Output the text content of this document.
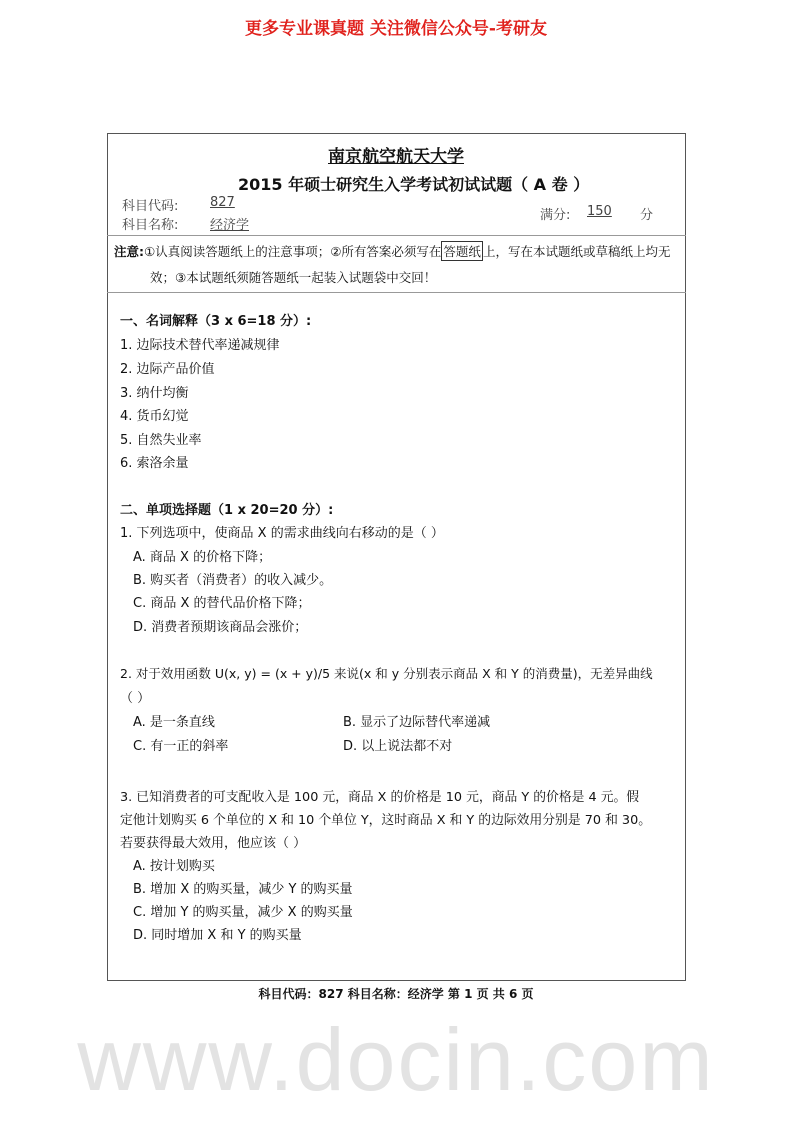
更多专业课真题 关注微信公众号-考研友
南京航空航天大学
2015 年硕士研究生入学考试初试试题（ A 卷 ）
科目代码: 827
科目名称: 经济学
满分: 150 分
注意:①认真阅读答题纸上的注意事项；②所有答案必须写在 答题纸 上，写在本试题纸或草稿纸上均无
效；③本试题纸须随答题纸一起装入试题袋中交回！
一、名词解释（3 x 6=18 分）:
1. 边际技术替代率递减规律
2. 边际产品价值
3. 纳什均衡
4. 货币幻觉
5. 自然失业率
6. 索洛余量
二、单项选择题（1 x 20=20 分）:
1. 下列选项中，使商品 X 的需求曲线向右移动的是（ ）
A. 商品 X 的价格下降；
B. 购买者（消费者）的收入减少。
C. 商品 X 的替代品价格下降；
D. 消费者预期该商品会涨价；
2. 对于效用函数 U(x, y) = (x + y)/5 来说(x 和 y 分别表示商品 X 和 Y 的消费量)，无差异曲线
（ ）
A. 是一条直线	B. 显示了边际替代率递减
C. 有一正的斜率	D. 以上说法都不对
3. 已知消费者的可支配收入是 100 元，商品 X 的价格是 10 元，商品 Y 的价格是 4 元。假
定他计划购买 6 个单位的 X 和 10 个单位 Y，这时商品 X 和 Y 的边际效用分别是 70 和 30。
若要获得最大效用，他应该（ ）
A. 按计划购买
B. 增加 X 的购买量，减少 Y 的购买量
C. 增加 Y 的购买量，减少 X 的购买量
D. 同时增加 X 和 Y 的购买量
科目代码：827 科目名称：经济学 第 1 页 共 6 页
www.docin.com
